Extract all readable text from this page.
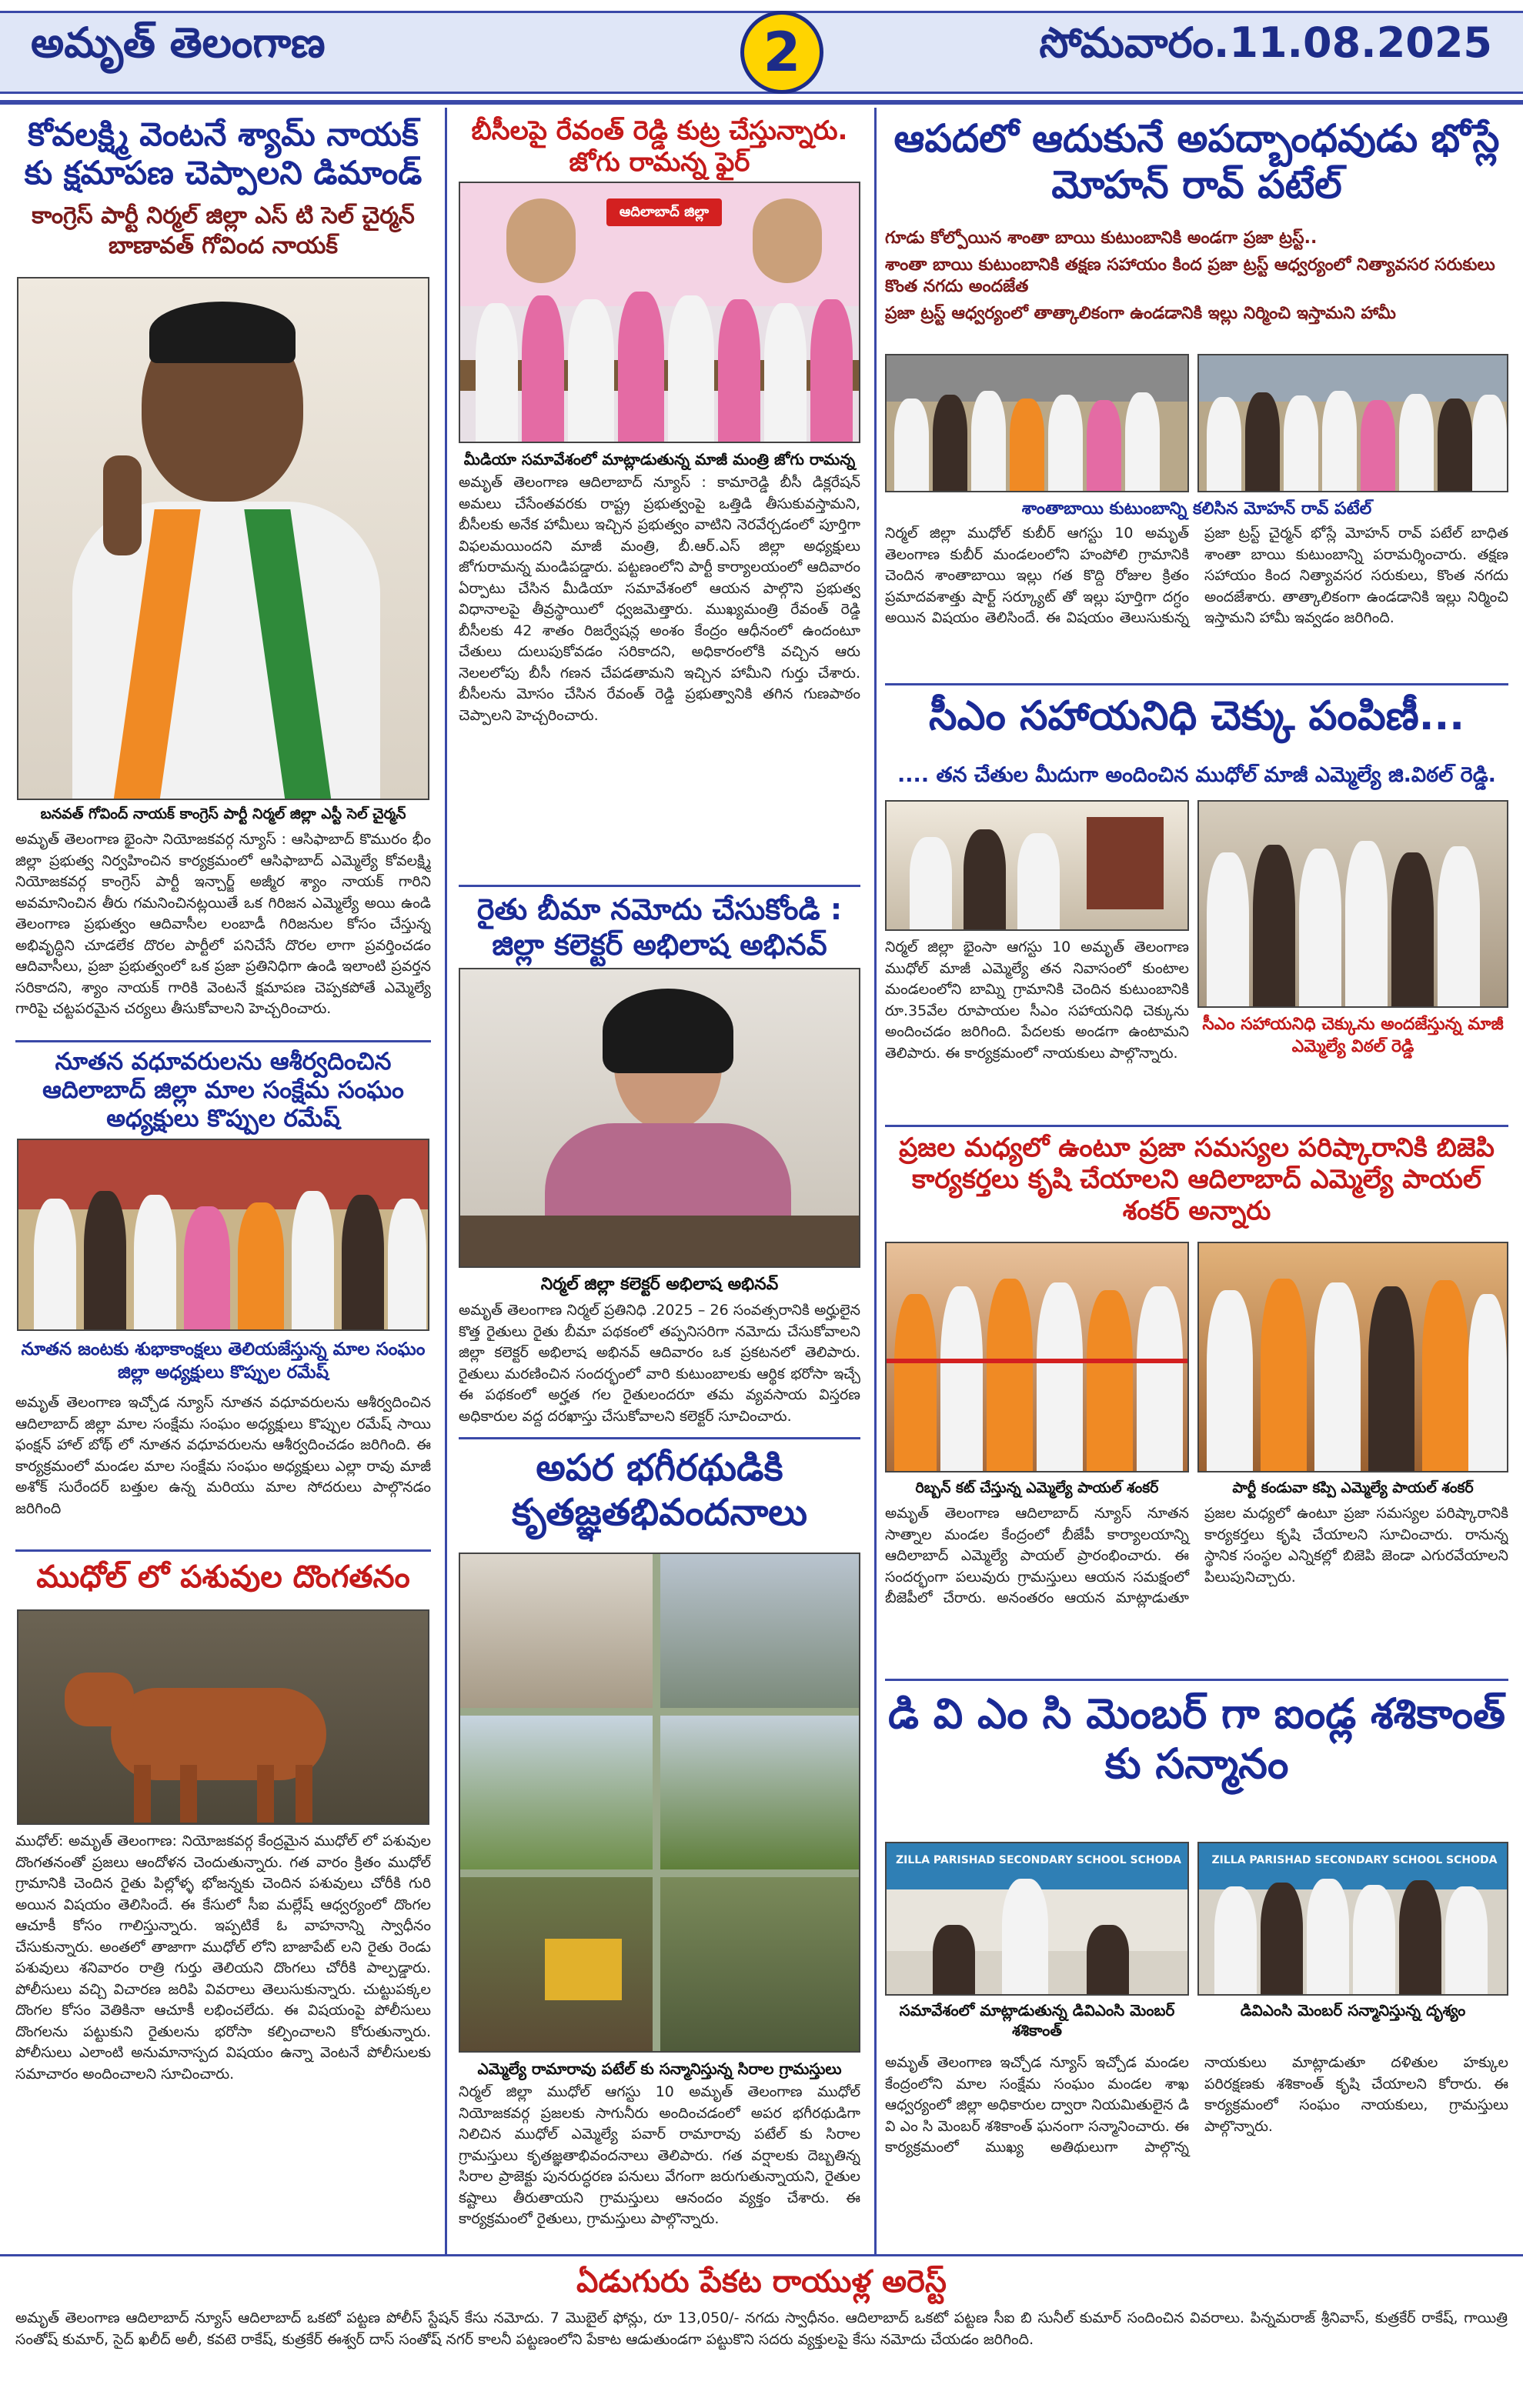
అమృత్ తెలంగాణ	2	సోమవారం.11.08.2025
కోవలక్ష్మి వెంటనే శ్యామ్ నాయక్ కు క్షమాపణ చెప్పాలని డిమాండ్
కాంగ్రెస్ పార్టీ నిర్మల్ జిల్లా ఎస్ టి సెల్ చైర్మన్ బాణావత్ గోవింద నాయక్
బనవత్ గోవింద్ నాయక్ కాంగ్రెస్ పార్టీ నిర్మల్ జిల్లా ఎస్టీ సెల్ చైర్మన్
అమృత్ తెలంగాణ భైంసా నియోజకవర్గ న్యూస్ : ఆసిఫాబాద్ కొమురం భీం జిల్లా ప్రభుత్వ నిర్వహించిన కార్యక్రమంలో ఆసిఫాబాద్ ఎమ్మెల్యే కోవలక్ష్మి నియోజకవర్గ కాంగ్రెస్ పార్టీ ఇన్చార్జ్ అజ్మీర శ్యాం నాయక్ గారిని అవమానించిన తీరు గమనించినట్లయితే ఒక గిరిజన ఎమ్మెల్యే అయి ఉండి తెలంగాణ ప్రభుత్వం ఆదివాసీల లంబాడీ గిరిజనుల కోసం చేస్తున్న అభివృద్ధిని చూడలేక దొరల పార్టీలో పనిచేసే దొరల లాగా ప్రవర్తించడం ఆదివాసీలు, ప్రజా ప్రభుత్వంలో ఒక ప్రజా ప్రతినిధిగా ఉండి ఇలాంటి ప్రవర్తన సరికాదని, శ్యాం నాయక్ గారికి వెంటనే క్షమాపణ చెప్పకపోతే ఎమ్మెల్యే గారిపై చట్టపరమైన చర్యలు తీసుకోవాలని హెచ్చరించారు.
నూతన వధూవరులను ఆశీర్వదించిన ఆదిలాబాద్ జిల్లా మాల సంక్షేమ సంఘం అధ్యక్షులు కొప్పుల రమేష్
నూతన జంటకు శుభాకాంక్షలు తెలియజేస్తున్న మాల సంఘం జిల్లా అధ్యక్షులు కొప్పుల రమేష్
అమృత్ తెలంగాణ ఇచ్చోడ న్యూస్ నూతన వధూవరులను ఆశీర్వదించిన ఆదిలాబాద్ జిల్లా మాల సంక్షేమ సంఘం అధ్యక్షులు కొప్పుల రమేష్ సాయి ఫంక్షన్ హాల్ బోథ్ లో నూతన వధూవరులను ఆశీర్వదించడం జరిగింది. ఈ కార్యక్రమంలో మండల మాల సంక్షేమ సంఘం అధ్యక్షులు ఎల్లా రావు మాజీ అశోక్ సురేందర్ బత్తుల ఉన్న మరియు మాల సోదరులు పాల్గొనడం జరిగింది
ముధోల్ లో పశువుల దొంగతనం
ముధోల్: అమృత్ తెలంగాణ: నియోజకవర్గ కేంద్రమైన ముధోల్ లో పశువుల దొంగతనంతో ప్రజలు ఆందోళన చెందుతున్నారు. గత వారం క్రితం ముధోల్ గ్రామానికి చెందిన రైతు పిల్లోళ్ళ భోజన్నకు చెందిన పశువులు చోరీకి గురి అయిన విషయం తెలిసిందే. ఈ కేసులో సీఐ మల్లేష్ ఆధ్వర్యంలో దొంగల ఆచూకీ కోసం గాలిస్తున్నారు. ఇప్పటికే ఓ వాహనాన్ని స్వాధీనం చేసుకున్నారు. అంతలో తాజాగా ముధోల్ లోని బాజాపేట్ లని రైతు రెండు పశువులు శనివారం రాత్రి గుర్తు తెలియని దొంగలు చోరీకి పాల్పడ్డారు. పోలీసులు వచ్చి విచారణ జరిపి వివరాలు తెలుసుకున్నారు. చుట్టుపక్కల దొంగల కోసం వెతికినా ఆచూకీ లభించలేదు. ఈ విషయంపై పోలీసులు దొంగలను పట్టుకుని రైతులను భరోసా కల్పించాలని కోరుతున్నారు. పోలీసులు ఎలాంటి అనుమానాస్పద విషయం ఉన్నా వెంటనే పోలీసులకు సమాచారం అందించాలని సూచించారు.
బీసీలపై రేవంత్ రెడ్డి కుట్ర చేస్తున్నారు. జోగు రామన్న ఫైర్
ఆదిలాబాద్ జిల్లా
మీడియా సమావేశంలో మాట్లాడుతున్న మాజీ మంత్రి జోగు రామన్న
అమృత్ తెలంగాణ ఆదిలాబాద్ న్యూస్ : కామారెడ్డి బీసీ డిక్లరేషన్ అమలు చేసేంతవరకు రాష్ట్ర ప్రభుత్వంపై ఒత్తిడి తీసుకువస్తామని, బీసీలకు అనేక హామీలు ఇచ్చిన ప్రభుత్వం వాటిని నెరవేర్చడంలో పూర్తిగా విఫలమయిందని మాజీ మంత్రి, బీ.ఆర్.ఎస్ జిల్లా అధ్యక్షులు జోగురామన్న మండిపడ్డారు. పట్టణంలోని పార్టీ కార్యాలయంలో ఆదివారం ఏర్పాటు చేసిన మీడియా సమావేశంలో ఆయన పాల్గొని ప్రభుత్వ విధానాలపై తీవ్రస్థాయిలో ధ్వజమెత్తారు. ముఖ్యమంత్రి రేవంత్ రెడ్డి బీసీలకు 42 శాతం రిజర్వేషన్ల అంశం కేంద్రం ఆధీనంలో ఉందంటూ చేతులు దులుపుకోవడం సరికాదని, అధికారంలోకి వచ్చిన ఆరు నెలలలోపు బీసీ గణన చేపడతామని ఇచ్చిన హామీని గుర్తు చేశారు. బీసీలను మోసం చేసిన రేవంత్ రెడ్డి ప్రభుత్వానికి తగిన గుణపాఠం చెప్పాలని హెచ్చరించారు.
రైతు బీమా నమోదు చేసుకోండి : జిల్లా కలెక్టర్ అభిలాష అభినవ్
నిర్మల్ జిల్లా కలెక్టర్ అభిలాష అభినవ్
అమృత్ తెలంగాణ నిర్మల్ ప్రతినిధి .2025 – 26 సంవత్సరానికి అర్హులైన కొత్త రైతులు రైతు బీమా పథకంలో తప్పనిసరిగా నమోదు చేసుకోవాలని జిల్లా కలెక్టర్ అభిలాష అభినవ్ ఆదివారం ఒక ప్రకటనలో తెలిపారు. రైతులు మరణించిన సందర్భంలో వారి కుటుంబాలకు ఆర్థిక భరోసా ఇచ్చే ఈ పథకంలో అర్హత గల రైతులందరూ తమ వ్యవసాయ విస్తరణ అధికారుల వద్ద దరఖాస్తు చేసుకోవాలని కలెక్టర్ సూచించారు.
అపర భగీరథుడికి కృతజ్ఞతభివందనాలు
ఎమ్మెల్యే రామారావు పటేల్ కు సన్మానిస్తున్న సిరాల గ్రామస్తులు
నిర్మల్ జిల్లా ముధోల్ ఆగస్టు 10 అమృత్ తెలంగాణ ముధోల్ నియోజకవర్గ ప్రజలకు సాగునీరు అందించడంలో అపర భగీరథుడిగా నిలిచిన ముధోల్ ఎమ్మెల్యే పవార్ రామారావు పటేల్ కు సిరాల గ్రామస్తులు కృతజ్ఞతాభివందనాలు తెలిపారు. గత వర్షాలకు దెబ్బతిన్న సిరాల ప్రాజెక్టు పునరుద్ధరణ పనులు వేగంగా జరుగుతున్నాయని, రైతుల కష్టాలు తీరుతాయని గ్రామస్తులు ఆనందం వ్యక్తం చేశారు. ఈ కార్యక్రమంలో రైతులు, గ్రామస్తులు పాల్గొన్నారు.
ఆపదలో ఆదుకునే అపద్బాంధవుడు భోస్లే మోహన్ రావ్ పటేల్
గూడు కోల్పోయిన శాంతా బాయి కుటుంబానికి అండగా ప్రజా ట్రస్ట్..
శాంతా బాయి కుటుంబానికి తక్షణ సహాయం కింద ప్రజా ట్రస్ట్ ఆధ్వర్యంలో నిత్యావసర సరుకులు కొంత నగదు అందజేత
ప్రజా ట్రస్ట్ ఆధ్వర్యంలో తాత్కాలికంగా ఉండడానికి ఇల్లు నిర్మించి ఇస్తామని హామీ
శాంతాబాయి కుటుంబాన్ని కలిసిన మోహన్ రావ్ పటేల్
నిర్మల్ జిల్లా ముధోల్ కుబీర్ ఆగస్టు 10 అమృత్ తెలంగాణ కుబీర్ మండలంలోని హంపోలి గ్రామానికి చెందిన శాంతాబాయి ఇల్లు గత కొద్ది రోజుల క్రితం ప్రమాదవశాత్తు షార్ట్ సర్క్యూట్ తో ఇల్లు పూర్తిగా దగ్ధం అయిన విషయం తెలిసిందే. ఈ విషయం తెలుసుకున్న ప్రజా ట్రస్ట్ చైర్మన్ భోస్లే మోహన్ రావ్ పటేల్ బాధిత శాంతా బాయి కుటుంబాన్ని పరామర్శించారు. తక్షణ సహాయం కింద నిత్యావసర సరుకులు, కొంత నగదు అందజేశారు. తాత్కాలికంగా ఉండడానికి ఇల్లు నిర్మించి ఇస్తామని హామీ ఇవ్వడం జరిగింది.
సీఎం సహాయనిధి చెక్కు పంపిణీ...
.... తన చేతుల మీదుగా అందించిన ముధోల్ మాజీ ఎమ్మెల్యే జి.విఠల్ రెడ్డి.
నిర్మల్ జిల్లా భైంసా ఆగస్టు 10 అమృత్ తెలంగాణ ముధోల్ మాజీ ఎమ్మెల్యే తన నివాసంలో కుంటాల మండలంలోని బామ్ని గ్రామానికి చెందిన కుటుంబానికి రూ.35వేల రూపాయల సీఎం సహాయనిధి చెక్కును అందించడం జరిగింది. పేదలకు అండగా ఉంటామని తెలిపారు. ఈ కార్యక్రమంలో నాయకులు పాల్గొన్నారు.
సీఎం సహాయనిధి చెక్కును అందజేస్తున్న మాజీ ఎమ్మెల్యే విఠల్ రెడ్డి
ప్రజల మధ్యలో ఉంటూ ప్రజా సమస్యల పరిష్కారానికి బిజెపి కార్యకర్తలు కృషి చేయాలని ఆదిలాబాద్ ఎమ్మెల్యే పాయల్ శంకర్ అన్నారు
రిబ్బన్ కట్ చేస్తున్న ఎమ్మెల్యే పాయల్ శంకర్	పార్టీ కండువా కప్పి ఎమ్మెల్యే పాయల్ శంకర్
అమృత్ తెలంగాణ ఆదిలాబాద్ న్యూస్ నూతన సాత్నాల మండల కేంద్రంలో బీజేపీ కార్యాలయాన్ని ఆదిలాబాద్ ఎమ్మెల్యే పాయల్ ప్రారంభించారు. ఈ సందర్భంగా పలువురు గ్రామస్తులు ఆయన సమక్షంలో బీజెపీలో చేరారు. అనంతరం ఆయన మాట్లాడుతూ ప్రజల మధ్యలో ఉంటూ ప్రజా సమస్యల పరిష్కారానికి కార్యకర్తలు కృషి చేయాలని సూచించారు. రానున్న స్థానిక సంస్థల ఎన్నికల్లో బిజెపి జెండా ఎగురవేయాలని పిలుపునిచ్చారు.
డి వి ఎం సి మెంబర్ గా ఐండ్ల శశికాంత్ కు సన్మానం
ZILLA PARISHAD SECONDARY SCHOOL SCHODA	ZILLA PARISHAD SECONDARY SCHOOL SCHODA
సమావేశంలో మాట్లాడుతున్న డివిఎంసి మెంబర్ శశికాంత్
డివిఎంసి మెంబర్ సన్మానిస్తున్న దృశ్యం
అమృత్ తెలంగాణ ఇచ్చోడ న్యూస్ ఇచ్చోడ మండల కేంద్రంలోని మాల సంక్షేమ సంఘం మండల శాఖ ఆధ్వర్యంలో జిల్లా అధికారుల ద్వారా నియమితులైన డి వి ఎం సి మెంబర్ శశికాంత్ ఘనంగా సన్మానించారు. ఈ కార్యక్రమంలో ముఖ్య అతిథులుగా పాల్గొన్న నాయకులు మాట్లాడుతూ దళితుల హక్కుల పరిరక్షణకు శశికాంత్ కృషి చేయాలని కోరారు. ఈ కార్యక్రమంలో సంఘం నాయకులు, గ్రామస్తులు పాల్గొన్నారు.
ఏడుగురు పేకట రాయుళ్ల అరెస్ట్
అమృత్ తెలంగాణ ఆదిలాబాద్ న్యూస్ ఆదిలాబాద్ ఒకటో పట్టణ పోలీస్ స్టేషన్ కేసు నమోదు. 7 మొబైల్ ఫోన్లు, రూ 13,050/- నగదు స్వాధీనం. ఆదిలాబాద్ ఒకటో పట్టణ సీఐ బి సునీల్ కుమార్ సందించిన వివరాలు. పిన్నమరాజ్ శ్రీనివాస్, కుత్రకేర్ రాకేష్, గాయిత్రి సంతోష్ కుమార్, సైద్ ఖలీద్ అలీ, కవటె రాకేష్, కుత్రకేర్ ఈశ్వర్ దాస్ సంతోష్ నగర్ కాలనీ పట్టణంలోని పేకాట ఆడుతుండగా పట్టుకొని సదరు వ్యక్తులపై కేసు నమోదు చేయడం జరిగింది.
